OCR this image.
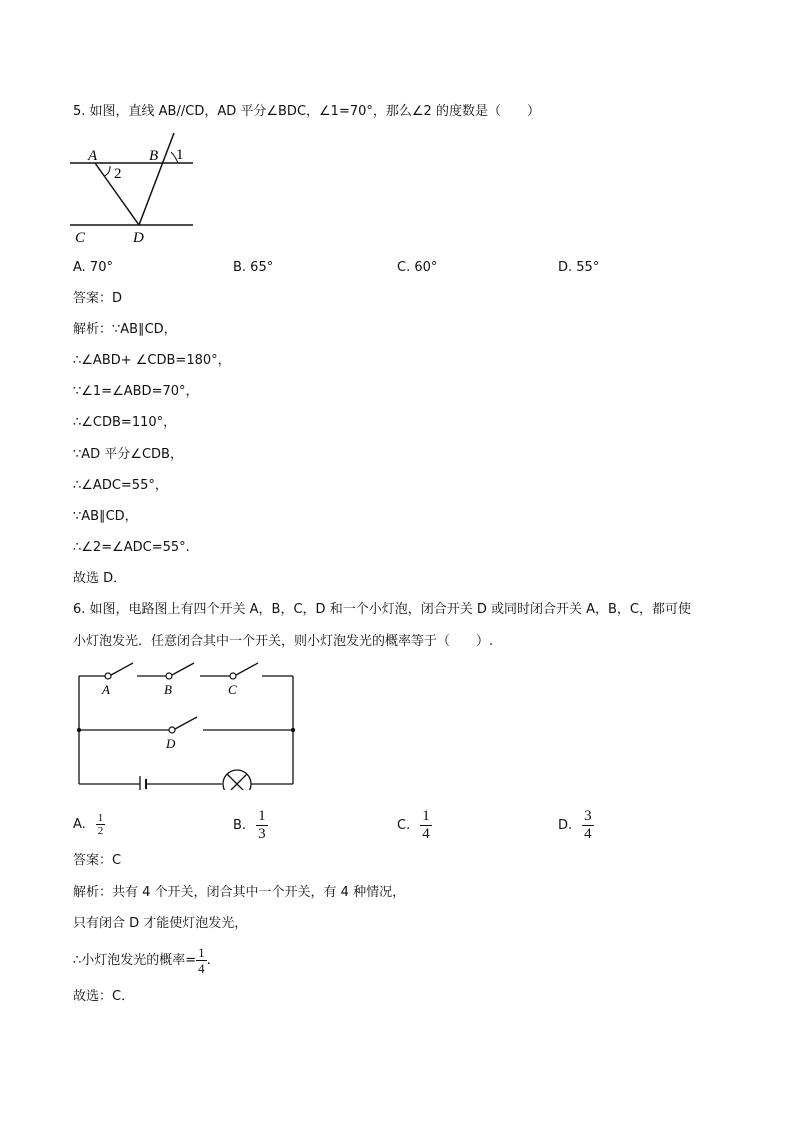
5. 如图，直线 AB//CD，AD 平分∠BDC，∠1=70°，那么∠2 的度数是（　　）
A	B 1
2
C	D
A. 70°	B. 65°	C. 60°	D. 55°
答案：D
解析：∵AB∥CD，
∴∠ABD+ ∠CDB=180°，
∵∠1=∠ABD=70°，
∴∠CDB=110°，
∵AD 平分∠CDB，
∴∠ADC=55°，
∵AB∥CD，
∴∠2=∠ADC=55°.
故选 D．
6. 如图，电路图上有四个开关 A，B，C，D 和一个小灯泡，闭合开关 D 或同时闭合开关 A，B，C，都可使
小灯泡发光．任意闭合其中一个开关，则小灯泡发光的概率等于（　　）.
A	B	C
D
A. $\frac{1}{2}$	B. $\frac{1}{3}$	C. $\frac{1}{4}$	D. $\frac{3}{4}$
答案：C
解析：共有 4 个开关，闭合其中一个开关，有 4 种情况，
只有闭合 D 才能使灯泡发光，
∴小灯泡发光的概率= $\frac{1}{4}$ .
故选：C．
